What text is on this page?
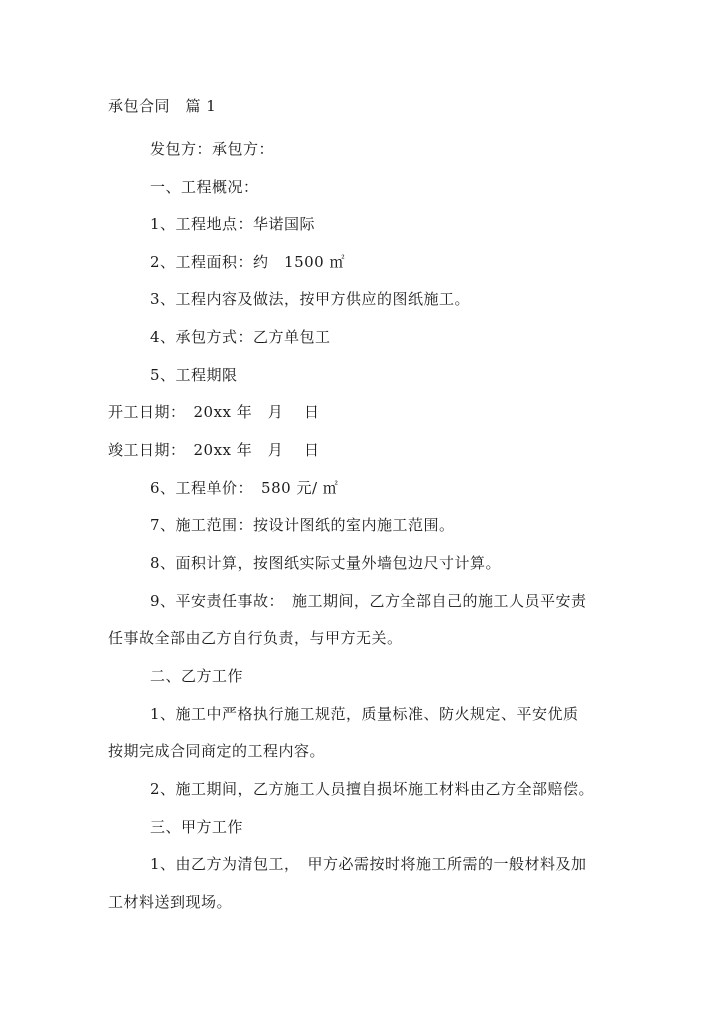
承包合同　篇 1
发包方：承包方：
一、工程概况：
1、工程地点：华诺国际
2、工程面积：约　1500 ㎡
3、工程内容及做法，按甲方供应的图纸施工。
4、承包方式：乙方单包工
5、工程期限
开工日期：　20xx 年　月　 日
竣工日期：　20xx 年　月　 日
6、工程单价：　580 元/ ㎡
7、施工范围：按设计图纸的室内施工范围。
8、面积计算，按图纸实际丈量外墙包边尺寸计算。
9、平安责任事故：　施工期间，乙方全部自己的施工人员平安责
任事故全部由乙方自行负责，与甲方无关。
二、乙方工作
1、施工中严格执行施工规范，质量标准、防火规定、平安优质
按期完成合同商定的工程内容。
2、施工期间，乙方施工人员擅自损坏施工材料由乙方全部赔偿。
三、甲方工作
1、由乙方为清包工，　甲方必需按时将施工所需的一般材料及加
工材料送到现场。
